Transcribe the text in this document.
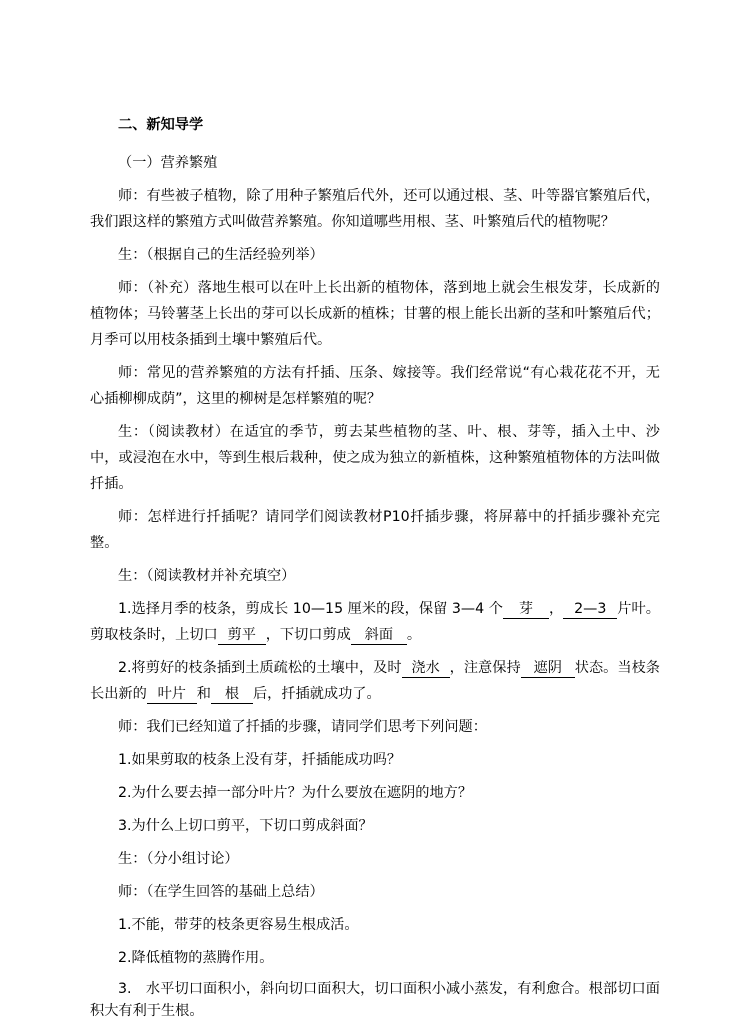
二、新知导学

（一）营养繁殖

师：有些被子植物，除了用种子繁殖后代外，还可以通过根、茎、叶等器官繁殖后代，我们跟这样的繁殖方式叫做营养繁殖。你知道哪些用根、茎、叶繁殖后代的植物呢？

生：（根据自己的生活经验列举）

师：（补充）落地生根可以在叶上长出新的植物体，落到地上就会生根发芽，长成新的植物体；马铃薯茎上长出的芽可以长成新的植株；甘薯的根上能长出新的茎和叶繁殖后代；月季可以用枝条插到土壤中繁殖后代。

师：常见的营养繁殖的方法有扦插、压条、嫁接等。我们经常说“有心栽花花不开，无心插柳柳成荫”，这里的柳树是怎样繁殖的呢？

生：（阅读教材）在适宜的季节，剪去某些植物的茎、叶、根、芽等，插入土中、沙中，或浸泡在水中，等到生根后栽种，使之成为独立的新植株，这种繁殖植物体的方法叫做扦插。

师：怎样进行扦插呢？请同学们阅读教材P10扦插步骤，将屏幕中的扦插步骤补充完整。

生：（阅读教材并补充填空）

1.选择月季的枝条，剪成长 10—15 厘米的段，保留 3—4 个 芽 ， 2—3 片叶。剪取枝条时，上切口 剪平 ，下切口剪成 斜面 。

2.将剪好的枝条插到土质疏松的土壤中，及时 浇水 ，注意保持 遮阴 状态。当枝条长出新的 叶片 和 根 后，扦插就成功了。

师：我们已经知道了扦插的步骤，请同学们思考下列问题：

1.如果剪取的枝条上没有芽，扦插能成功吗？

2.为什么要去掉一部分叶片？为什么要放在遮阴的地方？

3.为什么上切口剪平，下切口剪成斜面？

生：（分小组讨论）

师：（在学生回答的基础上总结）

1.不能，带芽的枝条更容易生根成活。

2.降低植物的蒸腾作用。

3.　水平切口面积小，斜向切口面积大，切口面积小减小蒸发，有利愈合。根部切口面积大有利于生根。
